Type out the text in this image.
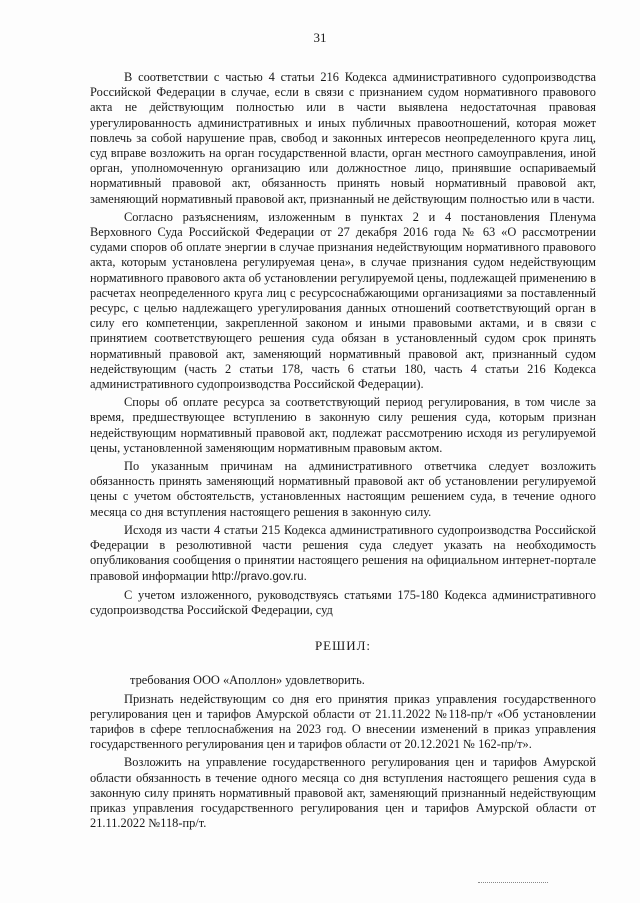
31

В соответствии с частью 4 статьи 216 Кодекса административного судопроизводства Российской Федерации в случае, если в связи с признанием судом нормативного правового акта не действующим полностью или в части выявлена недостаточная правовая урегулированность административных и иных публичных правоотношений, которая может повлечь за собой нарушение прав, свобод и законных интересов неопределенного круга лиц, суд вправе возложить на орган государственной власти, орган местного самоуправления, иной орган, уполномоченную организацию или должностное лицо, принявшие оспариваемый нормативный правовой акт, обязанность принять новый нормативный правовой акт, заменяющий нормативный правовой акт, признанный не действующим полностью или в части.

Согласно разъяснениям, изложенным в пунктах 2 и 4 постановления Пленума Верховного Суда Российской Федерации от 27 декабря 2016 года № 63 «О рассмотрении судами споров об оплате энергии в случае признания недействующим нормативного правового акта, которым установлена регулируемая цена», в случае признания судом недействующим нормативного правового акта об установлении регулируемой цены, подлежащей применению в расчетах неопределенного круга лиц с ресурсоснабжающими организациями за поставленный ресурс, с целью надлежащего урегулирования данных отношений соответствующий орган в силу его компетенции, закрепленной законом и иными правовыми актами, и в связи с принятием соответствующего решения суда обязан в установленный судом срок принять нормативный правовой акт, заменяющий нормативный правовой акт, признанный судом недействующим (часть 2 статьи 178, часть 6 статьи 180, часть 4 статьи 216 Кодекса административного судопроизводства Российской Федерации).

Споры об оплате ресурса за соответствующий период регулирования, в том числе за время, предшествующее вступлению в законную силу решения суда, которым признан недействующим нормативный правовой акт, подлежат рассмотрению исходя из регулируемой цены, установленной заменяющим нормативным правовым актом.

По указанным причинам на административного ответчика следует возложить обязанность принять заменяющий нормативный правовой акт об установлении регулируемой цены с учетом обстоятельств, установленных настоящим решением суда, в течение одного месяца со дня вступления настоящего решения в законную силу.

Исходя из части 4 статьи 215 Кодекса административного судопроизводства Российской Федерации в резолютивной части решения суда следует указать на необходимость опубликования сообщения о принятии настоящего решения на официальном интернет-портале правовой информации http://pravo.gov.ru.

С учетом изложенного, руководствуясь статьями 175-180 Кодекса административного судопроизводства Российской Федерации, суд

РЕШИЛ:

требования ООО «Аполлон» удовлетворить.

Признать недействующим со дня его принятия приказ управления государственного регулирования цен и тарифов Амурской области от 21.11.2022 №118-пр/т «Об установлении тарифов в сфере теплоснабжения на 2023 год. О внесении изменений в приказ управления государственного регулирования цен и тарифов области от 20.12.2021 № 162-пр/т».

Возложить на управление государственного регулирования цен и тарифов Амурской области обязанность в течение одного месяца со дня вступления настоящего решения суда в законную силу принять нормативный правовой акт, заменяющий признанный недействующим приказ управления государственного регулирования цен и тарифов Амурской области от 21.11.2022 №118-пр/т.
